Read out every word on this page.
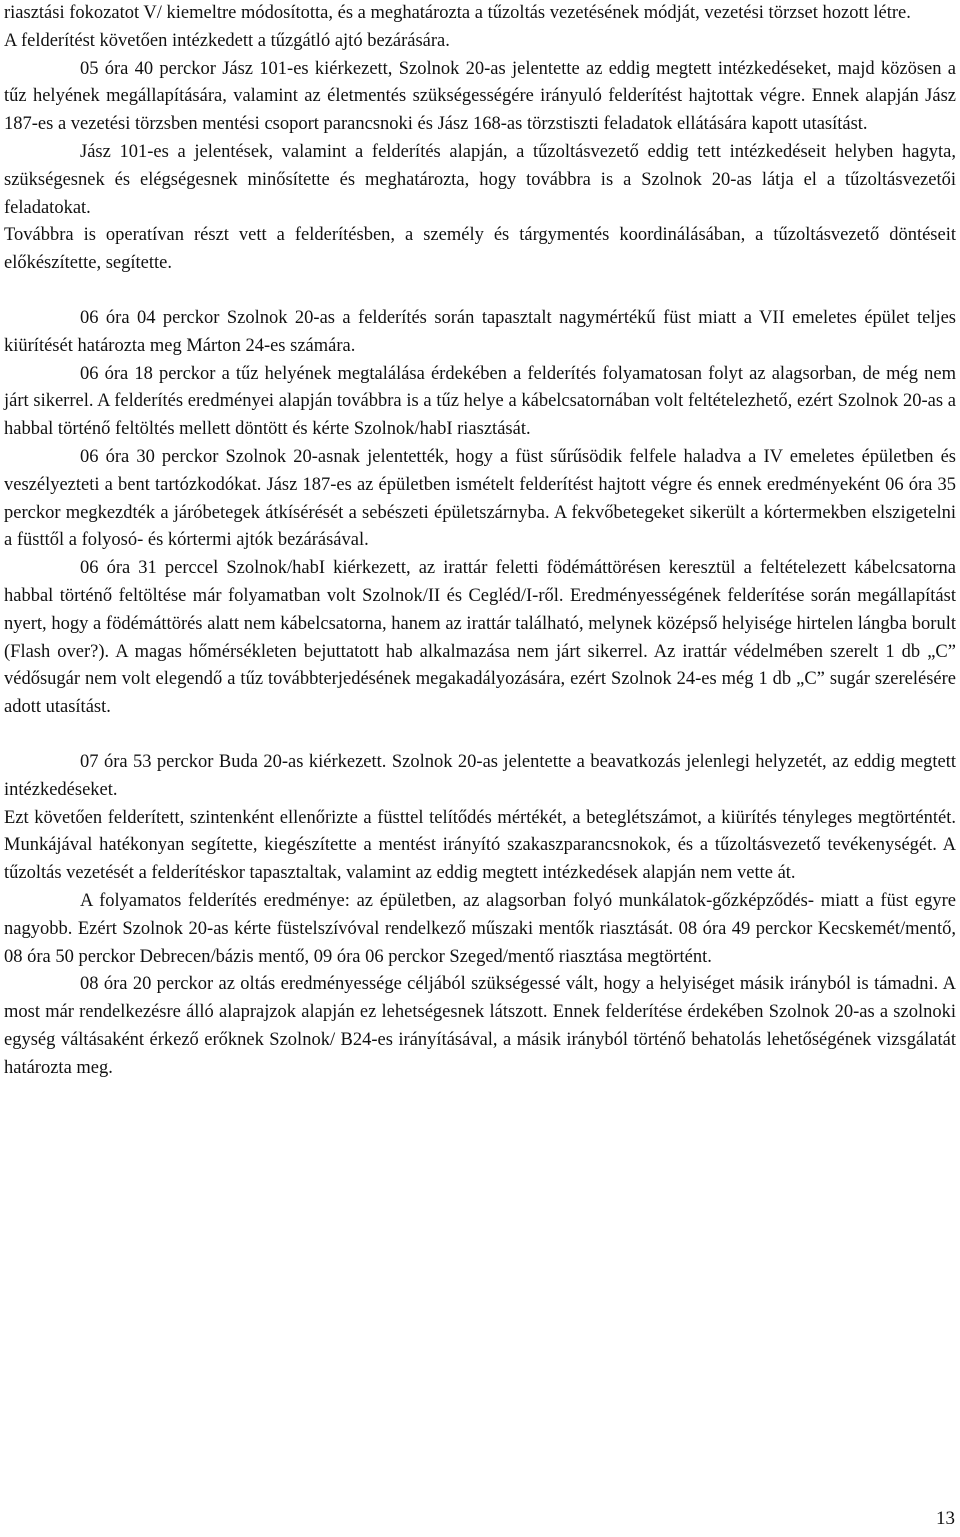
riasztási fokozatot V/ kiemeltre módosította, és a meghatározta a tűzoltás vezetésének módját, vezetési törzset hozott létre.

A felderítést követően intézkedett a tűzgátló ajtó bezárására.

05 óra 40 perckor Jász 101-es kiérkezett, Szolnok 20-as jelentette az eddig megtett intézkedéseket, majd közösen a tűz helyének megállapítására, valamint az életmentés szükségességére irányuló felderítést hajtottak végre. Ennek alapján Jász 187-es a vezetési törzsben mentési csoport parancsnoki és Jász 168-as törzstiszti feladatok ellátására kapott utasítást.

Jász 101-es a jelentések, valamint a felderítés alapján, a tűzoltásvezető eddig tett intézkedéseit helyben hagyta, szükségesnek és elégségesnek minősítette és meghatározta, hogy továbbra is a Szolnok 20-as látja el a tűzoltásvezetői feladatokat.

Továbbra is operatívan részt vett a felderítésben, a személy és tárgymentés koordinálásában, a tűzoltásvezető döntéseit előkészítette, segítette.

06 óra 04 perckor Szolnok 20-as a felderítés során tapasztalt nagymértékű füst miatt a VII emeletes épület teljes kiürítését határozta meg Márton 24-es számára.

06 óra 18 perckor a tűz helyének megtalálása érdekében a felderítés folyamatosan folyt az alagsorban, de még nem járt sikerrel. A felderítés eredményei alapján továbbra is a tűz helye a kábelcsatornában volt feltételezhető, ezért Szolnok 20-as a habbal történő feltöltés mellett döntött és kérte Szolnok/habI riasztását.

06 óra 30 perckor Szolnok 20-asnak jelentették, hogy a füst sűrűsödik felfele haladva a IV emeletes épületben és veszélyezteti a bent tartózkodókat. Jász 187-es az épületben ismételt felderítést hajtott végre és ennek eredményeként 06 óra 35 perckor megkezdték a járóbetegek átkísérését a sebészeti épületszárnyba. A fekvőbetegeket sikerült a kórtermekben elszigetelni a füsttől a folyosó- és kórtermi ajtók bezárásával.

06 óra 31 perccel Szolnok/habI kiérkezett, az irattár feletti födémáttörésen keresztül a feltételezett kábelcsatorna habbal történő feltöltése már folyamatban volt Szolnok/II és Cegléd/I-ről. Eredményességének felderítése során megállapítást nyert, hogy a födémáttörés alatt nem kábelcsatorna, hanem az irattár található, melynek középső helyisége hirtelen lángba borult (Flash over?). A magas hőmérsékleten bejuttatott hab alkalmazása nem járt sikerrel. Az irattár védelmében szerelt 1 db „C” védősugár nem volt elegendő a tűz továbbterjedésének megakadályozására, ezért Szolnok 24-es még 1 db „C” sugár szerelésére adott utasítást.

07 óra 53 perckor Buda 20-as kiérkezett. Szolnok 20-as jelentette a beavatkozás jelenlegi helyzetét, az eddig megtett intézkedéseket.

Ezt követően felderített, szintenként ellenőrizte a füsttel telítődés mértékét, a beteglétszámot, a kiürítés tényleges megtörténtét. Munkájával hatékonyan segítette, kiegészítette a mentést irányító szakaszparancsnokok, és a tűzoltásvezető tevékenységét. A tűzoltás vezetését a felderítéskor tapasztaltak, valamint az eddig megtett intézkedések alapján nem vette át.

A folyamatos felderítés eredménye: az épületben, az alagsorban folyó munkálatok-gőzképződés- miatt a füst egyre nagyobb. Ezért Szolnok 20-as kérte füstelszívóval rendelkező műszaki mentők riasztását. 08 óra 49 perckor Kecskemét/mentő, 08 óra 50 perckor Debrecen/bázis mentő, 09 óra 06 perckor Szeged/mentő riasztása megtörtént.

08 óra 20 perckor az oltás eredményessége céljából szükségessé vált, hogy a helyiséget másik irányból is támadni. A most már rendelkezésre álló alaprajzok alapján ez lehetségesnek látszott. Ennek felderítése érdekében Szolnok 20-as a szolnoki egység váltásaként érkező erőknek Szolnok/ B24-es irányításával, a másik irányból történő behatolás lehetőségének vizsgálatát határozta meg.

13
